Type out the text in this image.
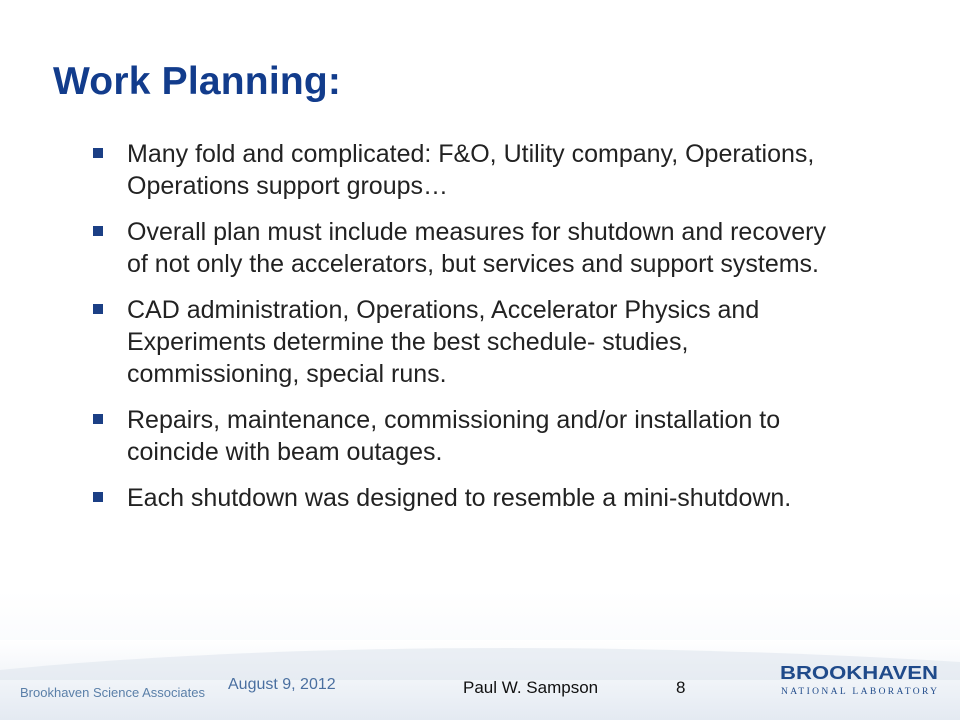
Work Planning:
Many fold and complicated: F&O, Utility company, Operations, Operations support groups…
Overall plan must include measures for shutdown and recovery of not only the accelerators, but services and support systems.
CAD administration, Operations, Accelerator Physics and Experiments determine the best schedule- studies, commissioning, special runs.
Repairs, maintenance, commissioning and/or installation to coincide with beam outages.
Each shutdown was designed to resemble a mini-shutdown.
Brookhaven Science Associates August 9, 2012	Paul W. Sampson	8
BROOKHAVEN
NATIONAL LABORATORY
